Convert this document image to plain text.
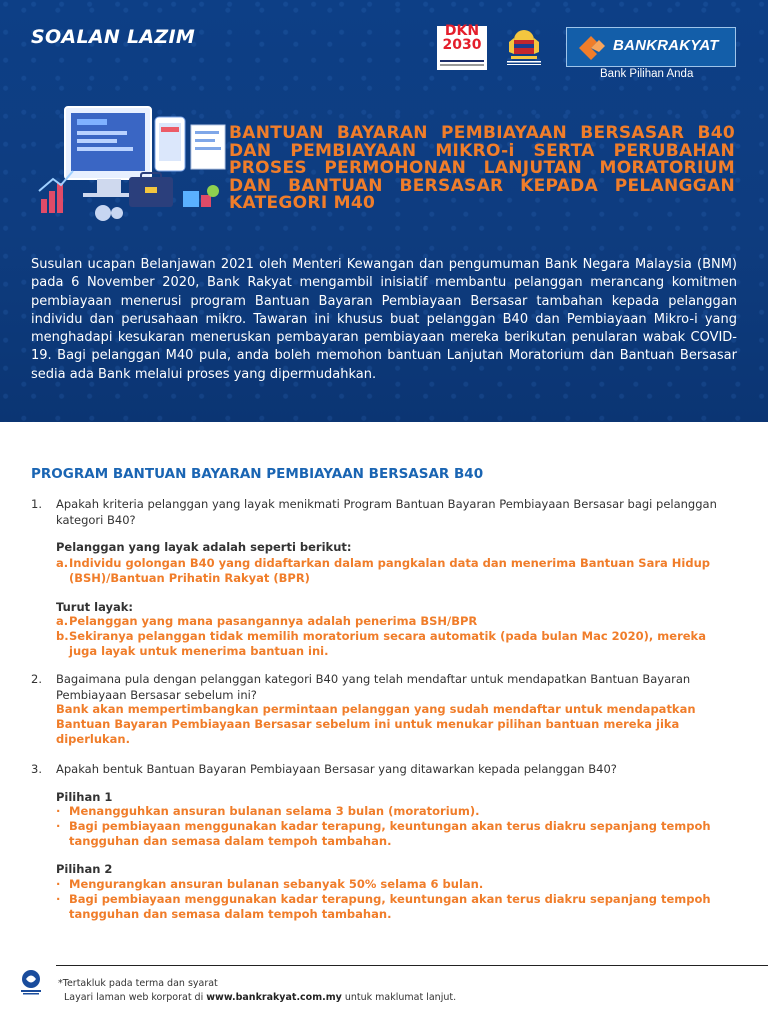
SOALAN LAZIM	DKN 2030	BANKRAKYAT
Bank Pilihan Anda
BANTUAN BAYARAN PEMBIAYAAN BERSASAR B40 DAN PEMBIAYAAN MIKRO-i SERTA PERUBAHAN PROSES PERMOHONAN LANJUTAN MORATORIUM DAN BANTUAN BERSASAR KEPADA PELANGGAN KATEGORI M40
Susulan ucapan Belanjawan 2021 oleh Menteri Kewangan dan pengumuman Bank Negara Malaysia (BNM) pada 6 November 2020, Bank Rakyat mengambil inisiatif membantu pelanggan merancang komitmen pembiayaan menerusi program Bantuan Bayaran Pembiayaan Bersasar tambahan kepada pelanggan individu dan perusahaan mikro. Tawaran ini khusus buat pelanggan B40 dan Pembiayaan Mikro-i yang menghadapi kesukaran meneruskan pembayaran pembiayaan mereka berikutan penularan wabak COVID-19. Bagi pelanggan M40 pula, anda boleh memohon bantuan Lanjutan Moratorium dan Bantuan Bersasar sedia ada Bank melalui proses yang dipermudahkan.
PROGRAM BANTUAN BAYARAN PEMBIAYAAN BERSASAR B40
1. Apakah kriteria pelanggan yang layak menikmati Program Bantuan Bayaran Pembiayaan Bersasar bagi pelanggan kategori B40?
Pelanggan yang layak adalah seperti berikut:
a. Individu golongan B40 yang didaftarkan dalam pangkalan data dan menerima Bantuan Sara Hidup (BSH)/Bantuan Prihatin Rakyat (BPR)
Turut layak:
a. Pelanggan yang mana pasangannya adalah penerima BSH/BPR
b. Sekiranya pelanggan tidak memilih moratorium secara automatik (pada bulan Mac 2020), mereka juga layak untuk menerima bantuan ini.
2. Bagaimana pula dengan pelanggan kategori B40 yang telah mendaftar untuk mendapatkan Bantuan Bayaran Pembiayaan Bersasar sebelum ini?
Bank akan mempertimbangkan permintaan pelanggan yang sudah mendaftar untuk mendapatkan Bantuan Bayaran Pembiayaan Bersasar sebelum ini untuk menukar pilihan bantuan mereka jika diperlukan.
3. Apakah bentuk Bantuan Bayaran Pembiayaan Bersasar yang ditawarkan kepada pelanggan B40?
Pilihan 1
· Menangguhkan ansuran bulanan selama 3 bulan (moratorium).
· Bagi pembiayaan menggunakan kadar terapung, keuntungan akan terus diakru sepanjang tempoh tangguhan dan semasa dalam tempoh tambahan.
Pilihan 2
· Mengurangkan ansuran bulanan sebanyak 50% selama 6 bulan.
· Bagi pembiayaan menggunakan kadar terapung, keuntungan akan terus diakru sepanjang tempoh tangguhan dan semasa dalam tempoh tambahan.
*Tertakluk pada terma dan syarat
Layari laman web korporat di www.bankrakyat.com.my untuk maklumat lanjut.
